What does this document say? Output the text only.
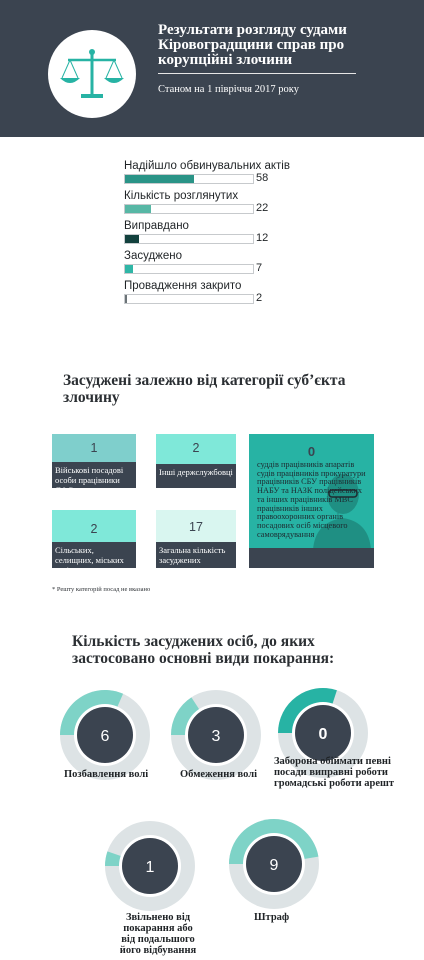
Результати розгляду судами Кіровоградщини справ про корупційні злочини
Станом на 1 півріччя 2017 року
Надійшло обвинувальних актів
58
Кількість розглянутих
22
Виправдано
12
Засуджено
7
Провадження закрито
2
Засуджені залежно від категорії суб’єкта злочину
1
Військові посадові особи працівники ДФС
2
Інші держслужбовці
2
Сільських, селищних, міських голів
17
Загальна кількість засуджених
0
суддів працівників апаратів судів працівників прокуратури працівників СБУ працівників НАБУ та НАЗК поліцейських та інших працівників МВС працівників інших правоохоронних органів посадових осіб місцевого самоврядування
* Решту категорій посад не вказано
Кількість засуджених осіб, до яких застосовано основні види покарання:
6	3	0
1	9
Позбавлення волі	Обмеження волі
Заборона обіймати певні посади виправні роботи громадські роботи арешт
Звільнено від покарання або від подальшого його відбування
Штраф
